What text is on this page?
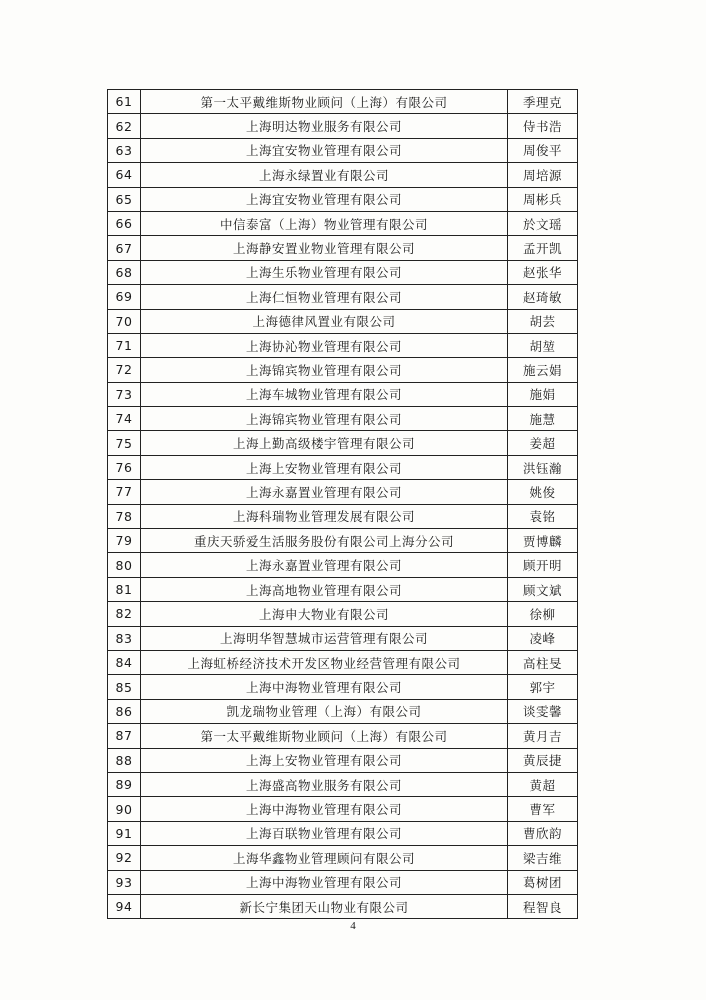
61	第一太平戴维斯物业顾问（上海）有限公司	季理克
62	上海明达物业服务有限公司	侍书浩
63	上海宜安物业管理有限公司	周俊平
64	上海永绿置业有限公司	周培源
65	上海宜安物业管理有限公司	周彬兵
66	中信泰富（上海）物业管理有限公司	於文瑶
67	上海静安置业物业管理有限公司	孟开凯
68	上海生乐物业管理有限公司	赵张华
69	上海仁恒物业管理有限公司	赵琦敏
70	上海德律风置业有限公司	胡芸
71	上海协沁物业管理有限公司	胡堃
72	上海锦宾物业管理有限公司	施云娟
73	上海车城物业管理有限公司	施娟
74	上海锦宾物业管理有限公司	施慧
75	上海上勤高级楼宇管理有限公司	姜超
76	上海上安物业管理有限公司	洪钰瀚
77	上海永嘉置业管理有限公司	姚俊
78	上海科瑞物业管理发展有限公司	袁铭
79	重庆天骄爱生活服务股份有限公司上海分公司	贾博麟
80	上海永嘉置业管理有限公司	顾开明
81	上海高地物业管理有限公司	顾文斌
82	上海申大物业有限公司	徐柳
83	上海明华智慧城市运营管理有限公司	凌峰
84	上海虹桥经济技术开发区物业经营管理有限公司	高柱旻
85	上海中海物业管理有限公司	郭宇
86	凯龙瑞物业管理（上海）有限公司	谈雯馨
87	第一太平戴维斯物业顾问（上海）有限公司	黄月吉
88	上海上安物业管理有限公司	黄辰捷
89	上海盛高物业服务有限公司	黄超
90	上海中海物业管理有限公司	曹军
91	上海百联物业管理有限公司	曹欣韵
92	上海华鑫物业管理顾问有限公司	梁吉维
93	上海中海物业管理有限公司	葛树团
94	新长宁集团天山物业有限公司	程智良
4
